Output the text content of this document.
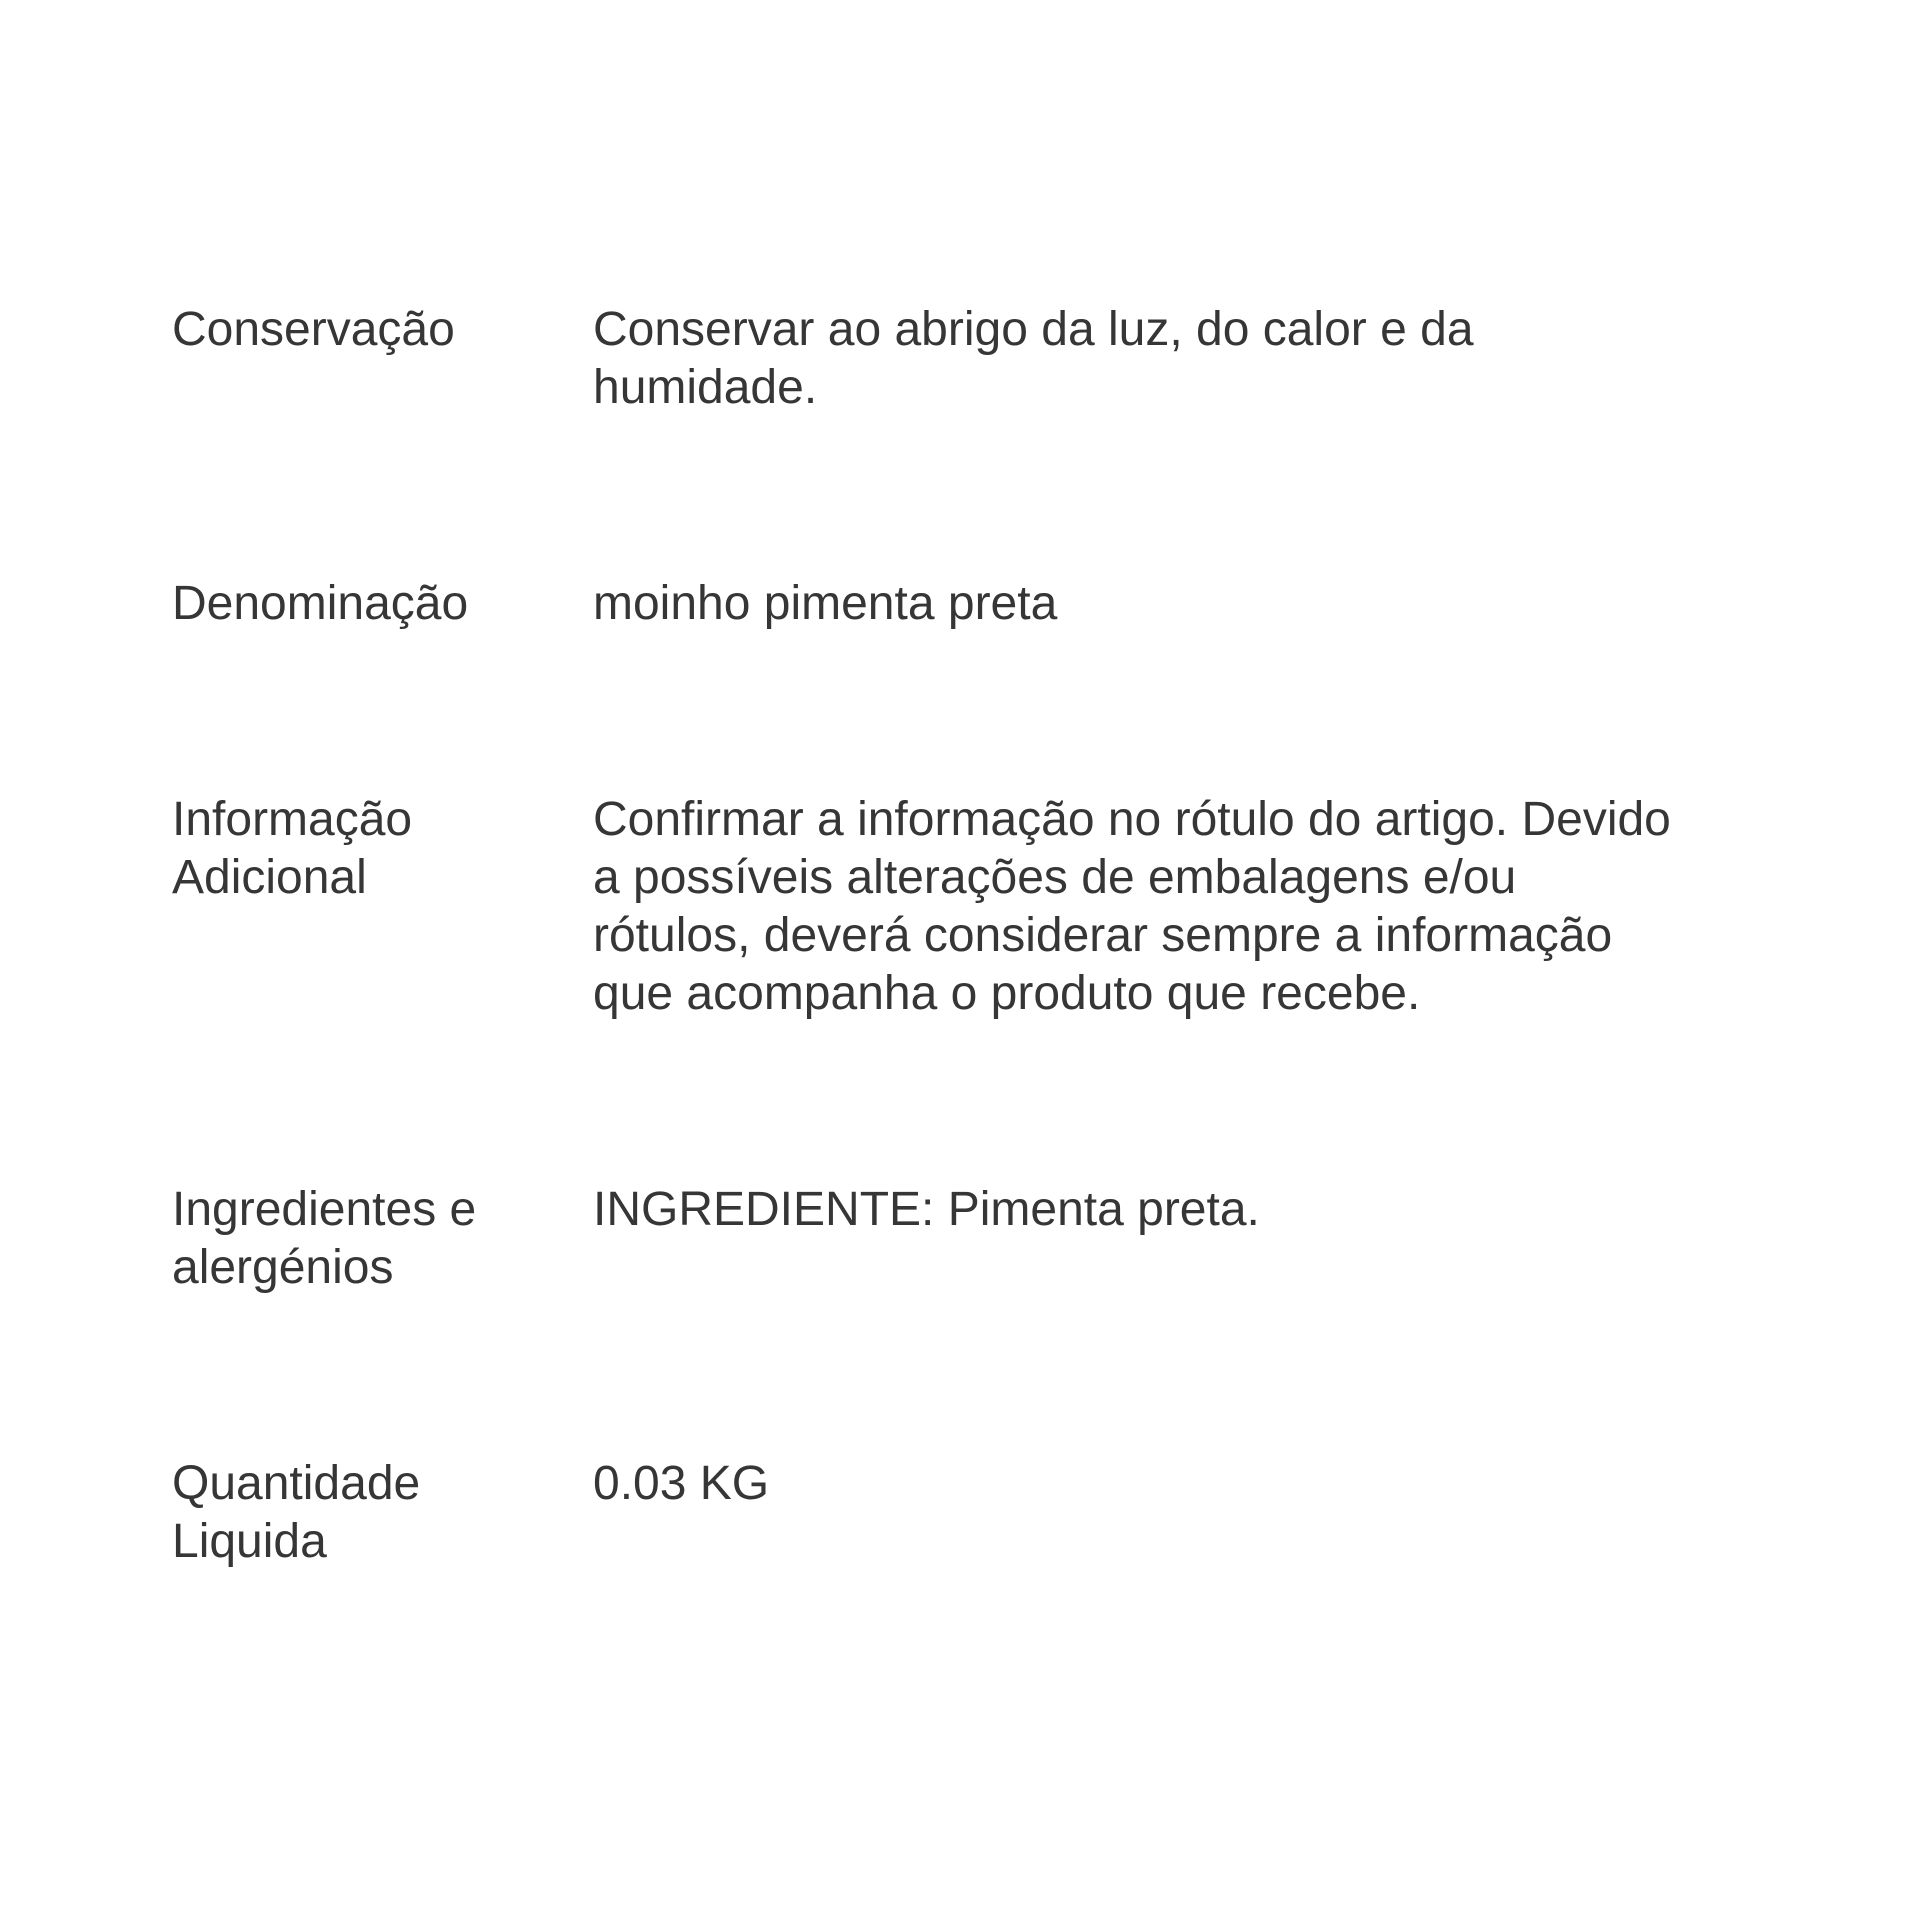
Conservação	Conservar ao abrigo da luz, do calor e da humidade.
Denominação	moinho pimenta preta
Informação Adicional
Confirmar a informação no rótulo do artigo. Devido a possíveis alterações de embalagens e/ou rótulos, deverá considerar sempre a informação que acompanha o produto que recebe.
Ingredientes e alergénios
INGREDIENTE: Pimenta preta.
Quantidade Liquida
0.03 KG
